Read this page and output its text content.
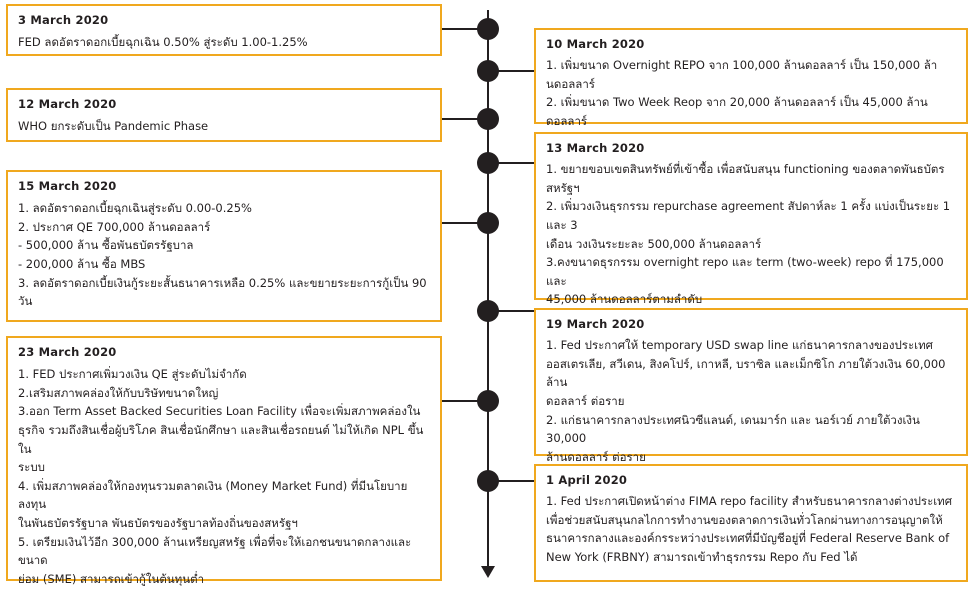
3 March 2020

FED ลดอัตราดอกเบี้ยฉุกเฉิน 0.50% สู่ระดับ 1.00-1.25%

12 March 2020

WHO ยกระดับเป็น Pandemic Phase

15 March 2020

1. ลดอัตราดอกเบี้ยฉุกเฉินสู่ระดับ 0.00-0.25%

2. ประกาศ QE 700,000 ล้านดอลลาร์

- 500,000 ล้าน ซื้อพันธบัตรรัฐบาล

- 200,000 ล้าน ซื้อ MBS

3. ลดอัตราดอกเบี้ยเงินกู้ระยะสั้นธนาคารเหลือ 0.25% และขยายระยะการกู้เป็น 90 วัน

23 March 2020

1. FED ประกาศเพิ่มวงเงิน QE สู่ระดับไม่จำกัด

2.เสริมสภาพคล่องให้กับบริษัทขนาดใหญ่

3.ออก Term Asset Backed Securities Loan Facility เพื่อจะเพิ่มสภาพคล่องใน

ธุรกิจ รวมถึงสินเชื่อผู้บริโภค สินเชื่อนักศึกษา และสินเชื่อรถยนต์ ไม่ให้เกิด NPL ขึ้นใน

ระบบ

4. เพิ่มสภาพคล่องให้กองทุนรวมตลาดเงิน (Money Market Fund) ที่มีนโยบายลงทุน

ในพันธบัตรรัฐบาล พันธบัตรของรัฐบาลท้องถิ่นของสหรัฐฯ

5. เตรียมเงินไว้อีก 300,000 ล้านเหรียญสหรัฐ เพื่อที่จะให้เอกชนขนาดกลางและขนาด

ย่อม (SME) สามารถเข้ากู้ในต้นทุนต่ำ

10 March 2020

1. เพิ่มขนาด Overnight REPO จาก 100,000 ล้านดอลลาร์ เป็น 150,000 ล้า

นดอลลาร์

2. เพิ่มขนาด Two Week Reop จาก 20,000 ล้านดอลลาร์ เป็น 45,000 ล้านดอลลาร์

13 March 2020

1. ขยายขอบเขตสินทรัพย์ที่เข้าซื้อ เพื่อสนับสนุน functioning ของตลาดพันธบัตร

สหรัฐฯ

2. เพิ่มวงเงินธุรกรรม repurchase agreement สัปดาห์ละ 1 ครั้ง แบ่งเป็นระยะ 1 และ 3

เดือน วงเงินระยะละ 500,000 ล้านดอลลาร์

3.คงขนาดธุรกรรม overnight repo และ term (two-week) repo ที่ 175,000 และ

45,000 ล้านดอลลาร์ตามลำดับ

19 March 2020

1. Fed ประกาศให้ temporary USD swap line แก่ธนาคารกลางของประเทศ

ออสเตรเลีย, สวีเดน, สิงคโปร์, เกาหลี, บราซิล และเม็กซิโก ภายใต้วงเงิน 60,000 ล้าน

ดอลลาร์ ต่อราย

2. แก่ธนาคารกลางประเทศนิวซีแลนด์, เดนมาร์ก และ นอร์เวย์ ภายใต้วงเงิน 30,000

ล้านดอลลาร์ ต่อราย

1 April 2020

1. Fed ประกาศเปิดหน้าต่าง FIMA repo facility สำหรับธนาคารกลางต่างประเทศ

เพื่อช่วยสนับสนุนกลไกการทำงานของตลาดการเงินทั่วโลกผ่านทางการอนุญาตให้

ธนาคารกลางและองค์กรระหว่างประเทศที่มีบัญชีอยู่ที่ Federal Reserve Bank of

New York (FRBNY) สามารถเข้าทำธุรกรรม Repo กับ Fed ได้
